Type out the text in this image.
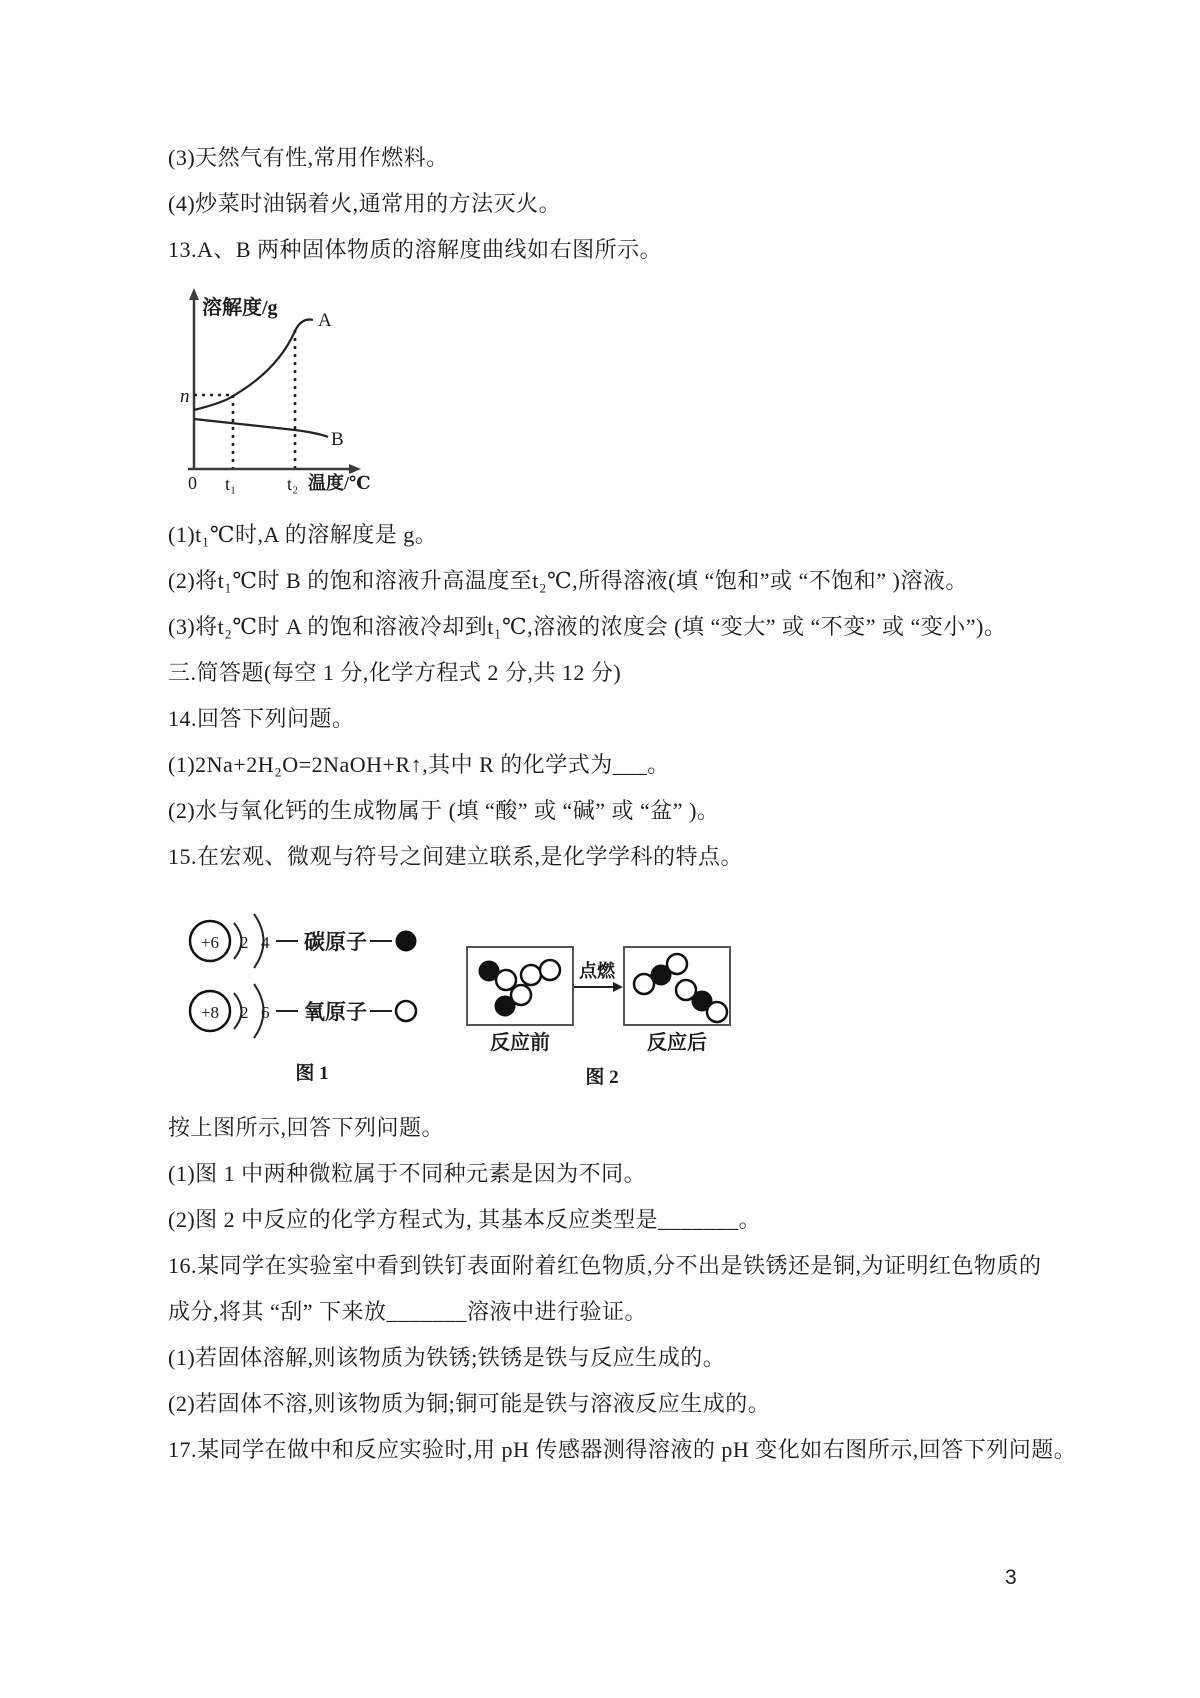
(3)天然气有性,常用作燃料。

(4)炒菜时油锅着火,通常用的方法灭火。

13.A、B 两种固体物质的溶解度曲线如右图所示。

溶解度/g
A
B
n
0 t₁	t₂ 温度/℃

(1)t₁℃时,A 的溶解度是 g。

(2)将t₁℃时 B 的饱和溶液升高温度至t₂℃,所得溶液(填 “饱和”或 “不饱和” )溶液。

(3)将t₂℃时 A 的饱和溶液冷却到t₁℃,溶液的浓度会 (填 “变大” 或 “不变” 或 “变小”)。

三.简答题(每空 1 分,化学方程式 2 分,共 12 分)

14.回答下列问题。

(1)2Na+2H₂O=2NaOH+R↑,其中 R 的化学式为___。

(2)水与氧化钙的生成物属于 (填 “酸” 或 “碱” 或 “盆” )。

15.在宏观、微观与符号之间建立联系,是化学学科的特点。

+6 2 4 碳原子
+8 2 6 氧原子
图 1
点燃
反应前	反应后
图 2

按上图所示,回答下列问题。

(1)图 1 中两种微粒属于不同种元素是因为不同。

(2)图 2 中反应的化学方程式为, 其基本反应类型是_______。

16.某同学在实验室中看到铁钉表面附着红色物质,分不出是铁锈还是铜,为证明红色物质的

成分,将其 “刮” 下来放_______溶液中进行验证。

(1)若固体溶解,则该物质为铁锈;铁锈是铁与反应生成的。

(2)若固体不溶,则该物质为铜;铜可能是铁与溶液反应生成的。

17.某同学在做中和反应实验时,用 pH 传感器测得溶液的 pH 变化如右图所示,回答下列问题。

3
